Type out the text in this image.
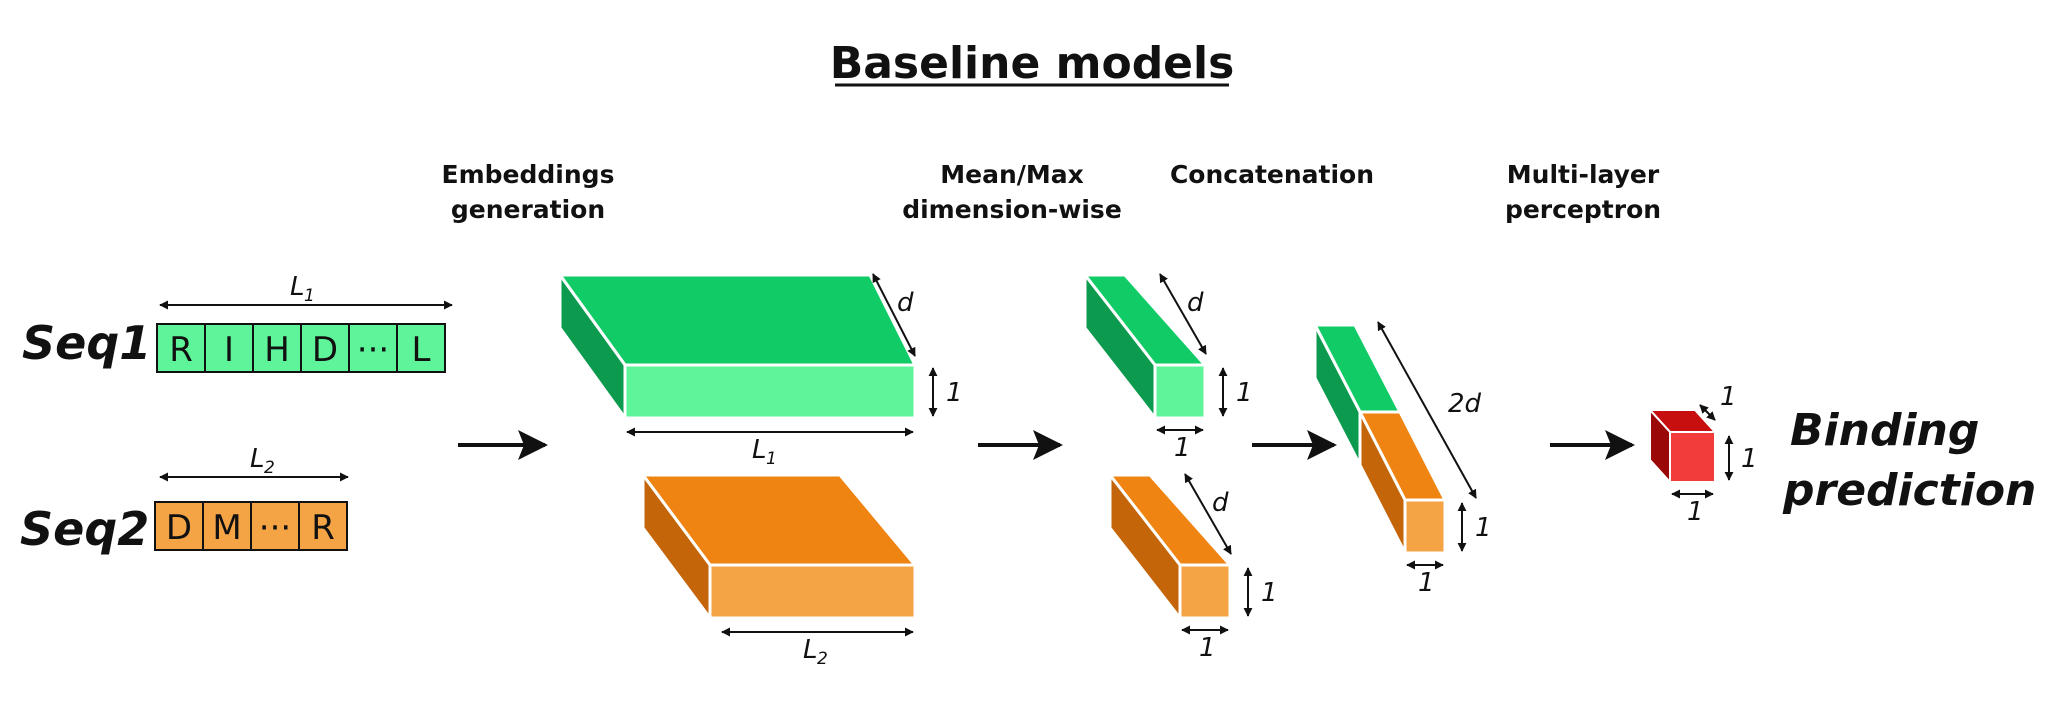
Baseline models
Embeddings
generation
Mean/Max
dimension-wise
Concatenation	Multi-layer
perceptron
Seq1
L 1
R I H D ··· L
Seq2
L 2
D M ··· R
d
1
L 1
L 2
d
1
1
d
1
1
2d
1
1
1
1
1
Binding
prediction
